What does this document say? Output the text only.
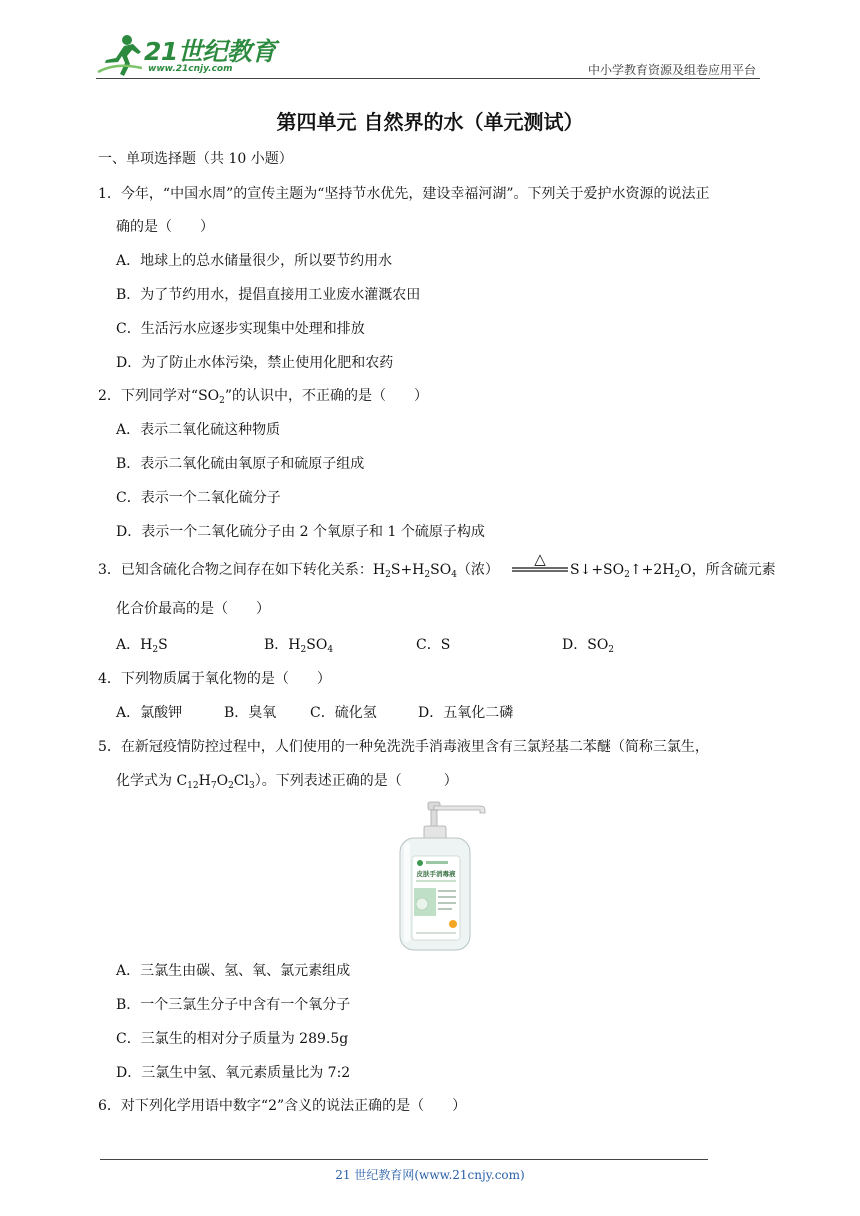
21世纪教育
www.21cnjy.com	中小学教育资源及组卷应用平台
第四单元 自然界的水（单元测试）
一、单项选择题（共 10 小题）
1．今年，“中国水周”的宣传主题为“坚持节水优先，建设幸福河湖”。下列关于爱护水资源的说法正
确的是（　　）
A．地球上的总水储量很少，所以要节约用水
B．为了节约用水，提倡直接用工业废水灌溉农田
C．生活污水应逐步实现集中处理和排放
D．为了防止水体污染，禁止使用化肥和农药
2．下列同学对“$SO_2$”的认识中，不正确的是（　　）
A．表示二氧化硫这种物质
B．表示二氧化硫由氧原子和硫原子组成
C．表示一个二氧化硫分子
D．表示一个二氧化硫分子由 2 个氧原子和 1 个硫原子构成
3．已知含硫化合物之间存在如下转化关系：$H_2S+H_2SO_4$（浓）
△
$S↓+SO_2↑+2H_2O$，所含硫元素
化合价最高的是（　　）
A．$H_2S$	B．$H_2SO_4$	C．S	D．$SO_2$
4．下列物质属于氧化物的是（　　）
A．氯酸钾	B．臭氧 C．硫化氢	D．五氧化二磷
5．在新冠疫情防控过程中，人们使用的一种免洗洗手消毒液里含有三氯羟基二苯醚（简称三氯生，
化学式为 $C_{12}H_7O_2Cl_3$）。下列表述正确的是（　　　）
皮肤手消毒液
A．三氯生由碳、氢、氧、氯元素组成
B．一个三氯生分子中含有一个氧分子
C．三氯生的相对分子质量为 289.5g
D．三氯生中氢、氧元素质量比为 7:2
6．对下列化学用语中数字“2”含义的说法正确的是（　　）
21 世纪教育网(www.21cnjy.com)
